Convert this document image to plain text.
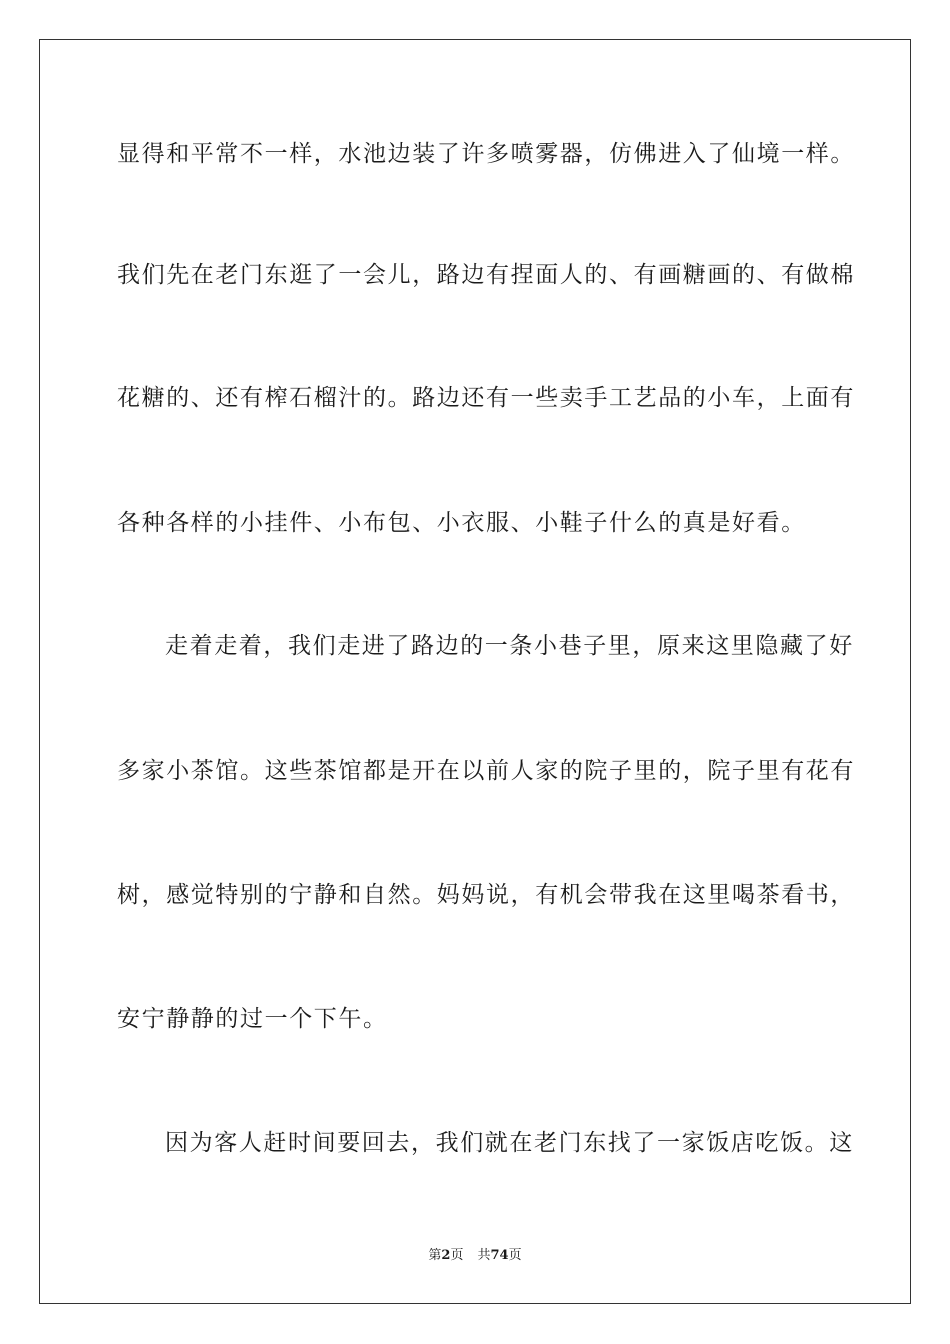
显得和平常不一样，水池边装了许多喷雾器，仿佛进入了仙境一样。
我们先在老门东逛了一会儿，路边有捏面人的、有画糖画的、有做棉
花糖的、还有榨石榴汁的。路边还有一些卖手工艺品的小车，上面有
各种各样的小挂件、小布包、小衣服、小鞋子什么的真是好看。
走着走着，我们走进了路边的一条小巷子里，原来这里隐藏了好
多家小茶馆。这些茶馆都是开在以前人家的院子里的，院子里有花有
树，感觉特别的宁静和自然。妈妈说，有机会带我在这里喝茶看书，
安宁静静的过一个下午。
因为客人赶时间要回去，我们就在老门东找了一家饭店吃饭。这
第2页 共74页
